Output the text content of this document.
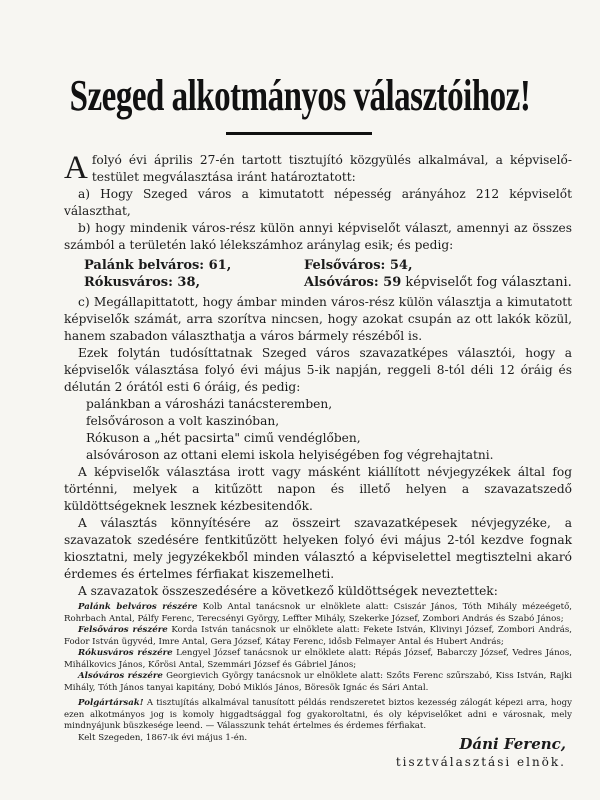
Szeged alkotmányos választóihoz!

A folyó évi április 27-én tartott tisztujító közgyülés alkalmával, a képviselő-testület megválasztása iránt határoztatott:

a) Hogy Szeged város a kimutatott népesség arányához 212 képviselőt választhat,

b) hogy mindenik város-rész külön annyi képviselőt választ, amennyi az összes számból a területén lakó lélekszámhoz aránylag esik; és pedig:

Palánk belváros: 61,	Felsőváros: 54,
Rókusváros: 38,	Alsóváros: 59 képviselőt fog választani.

c) Megállapittatott, hogy ámbar minden város-rész külön választja a kimutatott képviselők számát, arra szorítva nincsen, hogy azokat csupán az ott lakók közül, hanem szabadon választhatja a város bármely részéből is.

Ezek folytán tudósíttatnak Szeged város szavazatképes választói, hogy a képviselők választása folyó évi május 5-ik napján, reggeli 8-tól déli 12 óráig és délután 2 órától esti 6 óráig, és pedig:

palánkban a városházi tanácsteremben,

felsővároson a volt kaszinóban,

Rókuson a „hét pacsirta" cimű vendéglőben,

alsóvároson az ottani elemi iskola helyiségében fog végrehajtatni.

A képviselők választása irott vagy másként kiállított névjegyzékek által fog történni, melyek a kitűzött napon és illető helyen a szavazatszedő küldöttségeknek lesznek kézbesitendők.

A választás könnyítésére az összeirt szavazatképesek névjegyzéke, a szavazatok szedésére fentkitűzött helyeken folyó évi május 2-tól kezdve fognak kiosztatni, mely jegyzékekből minden választó a képviselettel megtisztelni akaró érdemes és értelmes férfiakat kiszemelheti.

A szavazatok összeszedésére a következő küldöttségek neveztettek:

Palánk belváros részére Kolb Antal tanácsnok ur elnöklete alatt: Csiszár János, Tóth Mihály mézeégető, Rohrbach Antal, Pálfy Ferenc, Terecsényi György, Leffter Mihály, Szekerke József, Zombori András és Szabó János;

Felsőváros részére Korda István tanácsnok ur elnöklete alatt: Fekete István, Klivinyi József, Zombori András, Fodor István ügyvéd, Imre Antal, Gera József, Kátay Ferenc, idősb Felmayer Antal és Hubert András;

Rókusváros részére Lengyel József tanácsnok ur elnöklete alatt: Répás József, Babarczy József, Vedres János, Mihálkovics János, Kőrösi Antal, Szemmári József és Gábriel János;

Alsóváros részére Georgievich György tanácsnok ur elnöklete alatt: Szőts Ferenc szűrszabó, Kiss István, Rajki Mihály, Tóth János tanyai kapitány, Dobó Miklós János, Böresök Ignác és Sári Antal.

Polgártársak! A tisztujítás alkalmával tanusított példás rendszeretet biztos kezesség zálogát képezi arra, hogy ezen alkotmányos jog is komoly higgadtsággal fog gyakoroltatni, és oly képviselőket adni e városnak, mely mindnyájunk büszkesége leend. — Válasszunk tehát értelmes és érdemes férfiakat.

Kelt Szegeden, 1867-ik évi május 1-én.	Dáni Ferenc,
tisztválasztási elnök.
